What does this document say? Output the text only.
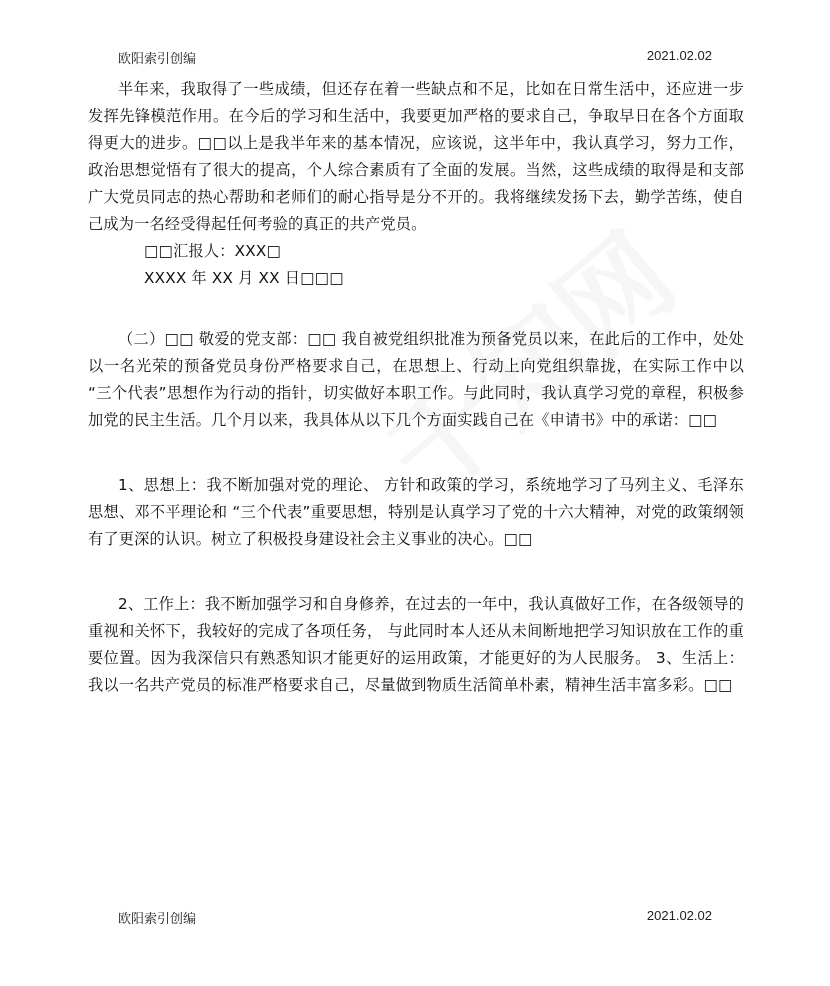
欧阳索引创编	2021.02.02

半年来，我取得了一些成绩，但还存在着一些缺点和不足，比如在日常生活中，还应进一步发挥先锋模范作用。在今后的学习和生活中，我要更加严格的要求自己，争取早日在各个方面取得更大的进步。□□以上是我半年来的基本情况，应该说，这半年中，我认真学习，努力工作，政治思想觉悟有了很大的提高，个人综合素质有了全面的发展。当然，这些成绩的取得是和支部广大党员同志的热心帮助和老师们的耐心指导是分不开的。我将继续发扬下去，勤学苦练，使自己成为一名经受得起任何考验的真正的共产党员。

□□汇报人：XXX□

XXXX 年 XX 月 XX 日□□□

（二）□□ 敬爱的党支部：□□ 我自被党组织批准为预备党员以来，在此后的工作中，处处以一名光荣的预备党员身份严格要求自己，在思想上、行动上向党组织靠拢，在实际工作中以 “三个代表”思想作为行动的指针，切实做好本职工作。与此同时，我认真学习党的章程，积极参加党的民主生活。几个月以来，我具体从以下几个方面实践自己在《申请书》中的承诺：□□

1、思想上：我不断加强对党的理论、 方针和政策的学习，系统地学习了马列主义、毛泽东思想、邓不平理论和 “三个代表”重要思想，特别是认真学习了党的十六大精神，对党的政策纲领有了更深的认识。树立了积极投身建设社会主义事业的决心。□□

2、工作上：我不断加强学习和自身修养，在过去的一年中，我认真做好工作，在各级领导的重视和关怀下，我较好的完成了各项任务， 与此同时本人还从未间断地把学习知识放在工作的重要位置。因为我深信只有熟悉知识才能更好的运用政策，才能更好的为人民服务。 3、生活上：我以一名共产党员的标准严格要求自己，尽量做到物质生活简单朴素，精神生活丰富多彩。□□

欧阳索引创编	2021.02.02
